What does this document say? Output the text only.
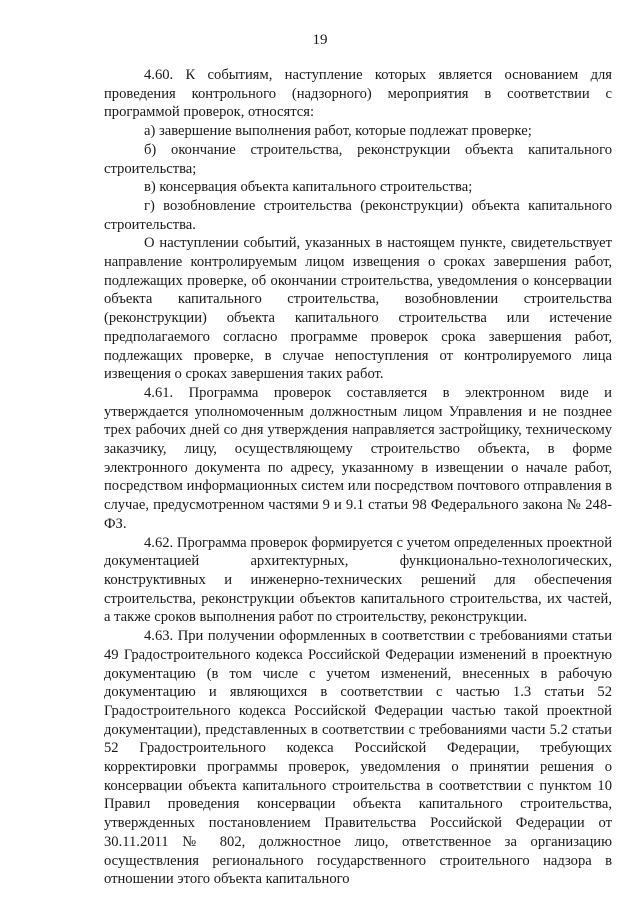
19

4.60. К событиям, наступление которых является основанием для проведения контрольного (надзорного) мероприятия в соответствии с программой проверок, относятся:

а) завершение выполнения работ, которые подлежат проверке;

б) окончание строительства, реконструкции объекта капитального строительства;

в) консервация объекта капитального строительства;

г) возобновление строительства (реконструкции) объекта капитального строительства.

О наступлении событий, указанных в настоящем пункте, свидетельствует направление контролируемым лицом извещения о сроках завершения работ, подлежащих проверке, об окончании строительства, уведомления о консервации объекта капитального строительства, возобновлении строительства (реконструкции) объекта капитального строительства или истечение предполагаемого согласно программе проверок срока завершения работ, подлежащих проверке, в случае непоступления от контролируемого лица извещения о сроках завершения таких работ.

4.61. Программа проверок составляется в электронном виде и утверждается уполномоченным должностным лицом Управления и не позднее трех рабочих дней со дня утверждения направляется застройщику, техническому заказчику, лицу, осуществляющему строительство объекта, в форме электронного документа по адресу, указанному в извещении о начале работ, посредством информационных систем или посредством почтового отправления в случае, предусмотренном частями 9 и 9.1 статьи 98 Федерального закона № 248-ФЗ.

4.62. Программа проверок формируется с учетом определенных проектной документацией архитектурных, функционально-технологических, конструктивных и инженерно-технических решений для обеспечения строительства, реконструкции объектов капитального строительства, их частей, а также сроков выполнения работ по строительству, реконструкции.

4.63. При получении оформленных в соответствии с требованиями статьи 49 Градостроительного кодекса Российской Федерации изменений в проектную документацию (в том числе с учетом изменений, внесенных в рабочую документацию и являющихся в соответствии с частью 1.3 статьи 52 Градостроительного кодекса Российской Федерации частью такой проектной документации), представленных в соответствии с требованиями части 5.2 статьи 52 Градостроительного кодекса Российской Федерации, требующих корректировки программы проверок, уведомления о принятии решения о консервации объекта капитального строительства в соответствии с пунктом 10 Правил проведения консервации объекта капитального строительства, утвержденных постановлением Правительства Российской Федерации от 30.11.2011 № 802, должностное лицо, ответственное за организацию осуществления регионального государственного строительного надзора в отношении этого объекта капитального
